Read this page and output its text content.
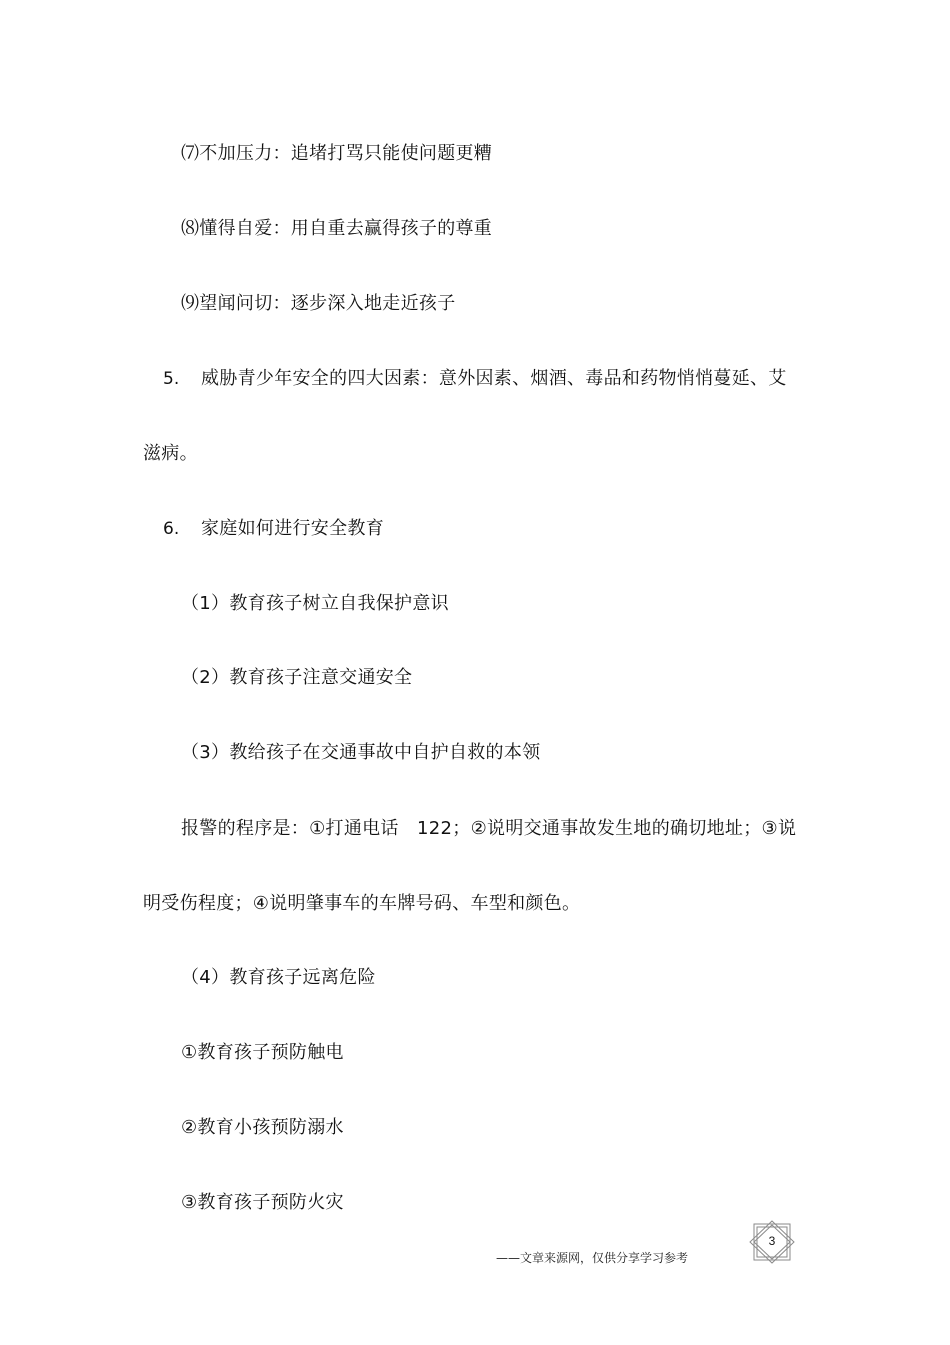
⑺不加压力：追堵打骂只能使问题更糟
⑻懂得自爱：用自重去赢得孩子的尊重
⑼望闻问切：逐步深入地走近孩子
5. 威胁青少年安全的四大因素：意外因素、烟酒、毒品和药物悄悄蔓延、艾
滋病。
6. 家庭如何进行安全教育
（1）教育孩子树立自我保护意识
（2）教育孩子注意交通安全
（3）教给孩子在交通事故中自护自救的本领
报警的程序是：①打通电话　122；②说明交通事故发生地的确切地址；③说
明受伤程度；④说明肇事车的车牌号码、车型和颜色。
（4）教育孩子远离危险
①教育孩子预防触电
②教育小孩预防溺水
③教育孩子预防火灾
3
——文章来源网，仅供分享学习参考
